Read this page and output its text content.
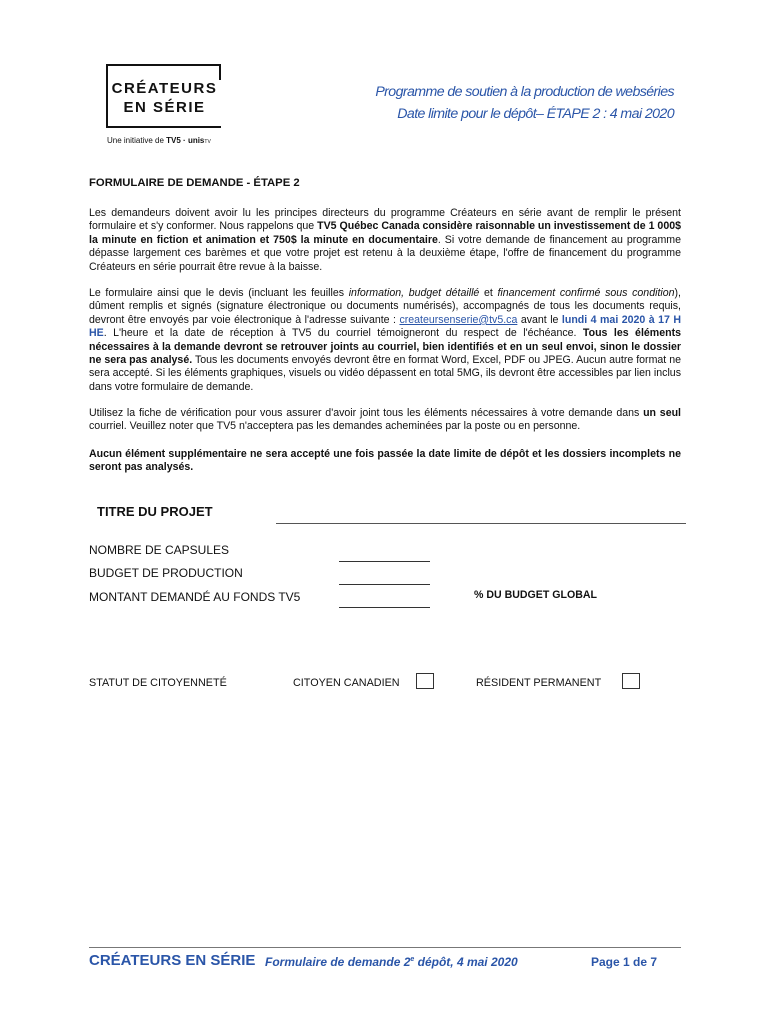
CRÉATEURS
EN SÉRIE
Une initiative de TV5 · unisTV
Programme de soutien à la production de webséries
Date limite pour le dépôt– ÉTAPE 2 : 4 mai 2020
FORMULAIRE DE DEMANDE - ÉTAPE 2
Les demandeurs doivent avoir lu les principes directeurs du programme Créateurs en série avant de remplir le présent formulaire et s'y conformer. Nous rappelons que TV5 Québec Canada considère raisonnable un investissement de 1 000$ la minute en fiction et animation et 750$ la minute en documentaire. Si votre demande de financement au programme dépasse largement ces barèmes et que votre projet est retenu à la deuxième étape, l'offre de financement du programme Créateurs en série pourrait être revue à la baisse.
Le formulaire ainsi que le devis (incluant les feuilles information, budget détaillé et financement confirmé sous condition), dûment remplis et signés (signature électronique ou documents numérisés), accompagnés de tous les documents requis, devront être envoyés par voie électronique à l'adresse suivante : createursenserie@tv5.ca avant le lundi 4 mai 2020 à 17 H HE. L'heure et la date de réception à TV5 du courriel témoigneront du respect de l'échéance. Tous les éléments nécessaires à la demande devront se retrouver joints au courriel, bien identifiés et en un seul envoi, sinon le dossier ne sera pas analysé. Tous les documents envoyés devront être en format Word, Excel, PDF ou JPEG. Aucun autre format ne sera accepté. Si les éléments graphiques, visuels ou vidéo dépassent en total 5MG, ils devront être accessibles par lien inclus dans votre formulaire de demande.
Utilisez la fiche de vérification pour vous assurer d'avoir joint tous les éléments nécessaires à votre demande dans un seul courriel. Veuillez noter que TV5 n'acceptera pas les demandes acheminées par la poste ou en personne.
Aucun élément supplémentaire ne sera accepté une fois passée la date limite de dépôt et les dossiers incomplets ne seront pas analysés.
TITRE DU PROJET
NOMBRE DE CAPSULES
BUDGET DE PRODUCTION
MONTANT DEMANDÉ AU FONDS TV5	% DU BUDGET GLOBAL
STATUT DE CITOYENNETÉ	CITOYEN CANADIEN	RÉSIDENT PERMANENT
CRÉATEURS EN SÉRIE Formulaire de demande 2e dépôt, 4 mai 2020	Page 1 de 7
